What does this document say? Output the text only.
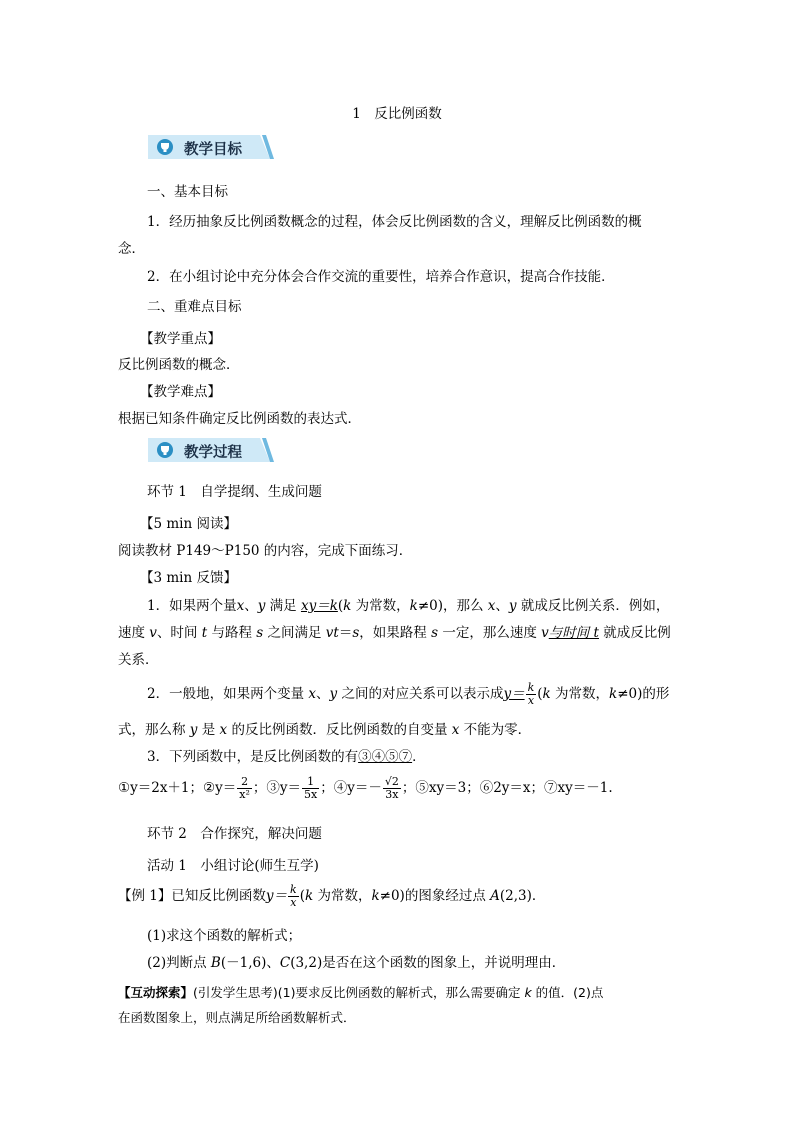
1　反比例函数
教学目标
一、基本目标
1．经历抽象反比例函数概念的过程，体会反比例函数的含义，理解反比例函数的概
念．
2．在小组讨论中充分体会合作交流的重要性，培养合作意识，提高合作技能．
二、重难点目标
【教学重点】
反比例函数的概念．
【教学难点】
根据已知条件确定反比例函数的表达式．
教学过程
环节 1　自学提纲、生成问题
【5 min 阅读】
阅读教材 P149～P150 的内容，完成下面练习．
【3 min 反馈】
1．如果两个量x、y 满足 xy＝k(k 为常数，k≠0)，那么 x、y 就成反比例关系．例如，
速度 v、时间 t 与路程 s 之间满足 vt＝s，如果路程 s 一定，那么速度 v与时间 t 就成反比例
关系．
2．一般地，如果两个变量 x、y 之间的对应关系可以表示成$y= \frac{k}{x} (k$ 为常数，k≠0)的形
式，那么称 y 是 x 的反比例函数．反比例函数的自变量 x 不能为零．
3．下列函数中，是反比例函数的有③④⑤⑦．
①y＝2x＋1；②y＝ $\frac{2}{\text{x²}}$ ；③y＝ $\frac{1}{5x}$ ；④y＝－ $\frac{√2}{3x}$ ；⑤xy＝3；⑥2y＝x；⑦xy＝－1.
环节 2　合作探究，解决问题
活动 1　小组讨论(师生互学)
【例 1】已知反比例函数$y= \frac{k}{x} (k$ 为常数，k≠0)的图象经过点 A(2,3)．
(1)求这个函数的解析式；
(2)判断点 B(－1,6)、C(3,2)是否在这个函数的图象上，并说明理由．
【互动探索】(引发学生思考)(1)要求反比例函数的解析式，那么需要确定 k 的值．(2)点
在函数图象上，则点满足所给函数解析式．
